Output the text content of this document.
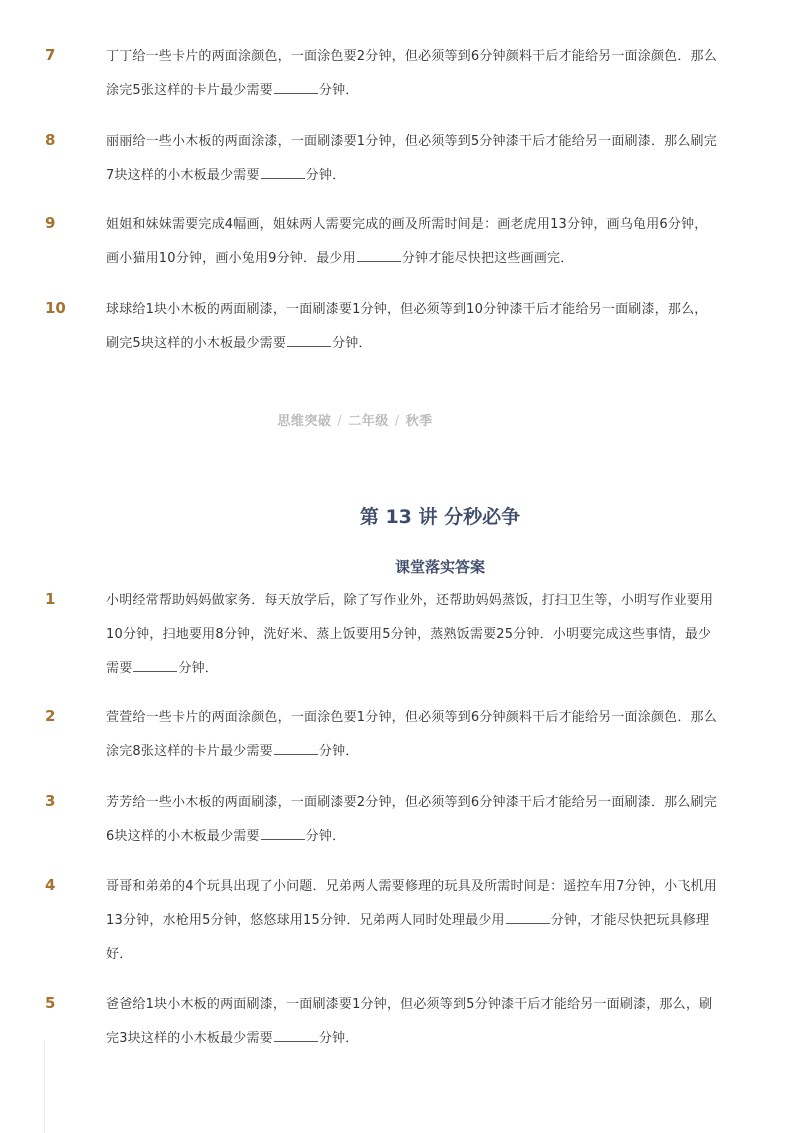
7	丁丁给一些卡片的两面涂颜色，一面涂色要2分钟，但必须等到6分钟颜料干后才能给另一面涂颜色．那么涂完5张这样的卡片最少需要	分钟．
8	丽丽给一些小木板的两面涂漆，一面刷漆要1分钟，但必须等到5分钟漆干后才能给另一面刷漆．那么刷完7块这样的小木板最少需要	分钟．
9	姐姐和妹妹需要完成4幅画，姐妹两人需要完成的画及所需时间是：画老虎用13分钟，画乌龟用6分钟，画小猫用10分钟，画小兔用9分钟．最少用	分钟才能尽快把这些画画完．
10	球球给1块小木板的两面刷漆，一面刷漆要1分钟，但必须等到10分钟漆干后才能给另一面刷漆，那么，刷完5块这样的小木板最少需要	分钟．
思维突破 / 二年级 / 秋季
第 13 讲 分秒必争
课堂落实答案
1	小明经常帮助妈妈做家务．每天放学后，除了写作业外，还帮助妈妈蒸饭，打扫卫生等，小明写作业要用10分钟，扫地要用8分钟，洗好米、蒸上饭要用5分钟，蒸熟饭需要25分钟．小明要完成这些事情，最少需要	分钟．
2	萱萱给一些卡片的两面涂颜色，一面涂色要1分钟，但必须等到6分钟颜料干后才能给另一面涂颜色．那么涂完8张这样的卡片最少需要	分钟．
3	芳芳给一些小木板的两面刷漆，一面刷漆要2分钟，但必须等到6分钟漆干后才能给另一面刷漆．那么刷完6块这样的小木板最少需要	分钟．
4	哥哥和弟弟的4个玩具出现了小问题．兄弟两人需要修理的玩具及所需时间是：遥控车用7分钟，小飞机用13分钟，水枪用5分钟，悠悠球用15分钟．兄弟两人同时处理最少用	分钟，才能尽快把玩具修理好．
5	爸爸给1块小木板的两面刷漆，一面刷漆要1分钟，但必须等到5分钟漆干后才能给另一面刷漆，那么，刷完3块这样的小木板最少需要	分钟．
